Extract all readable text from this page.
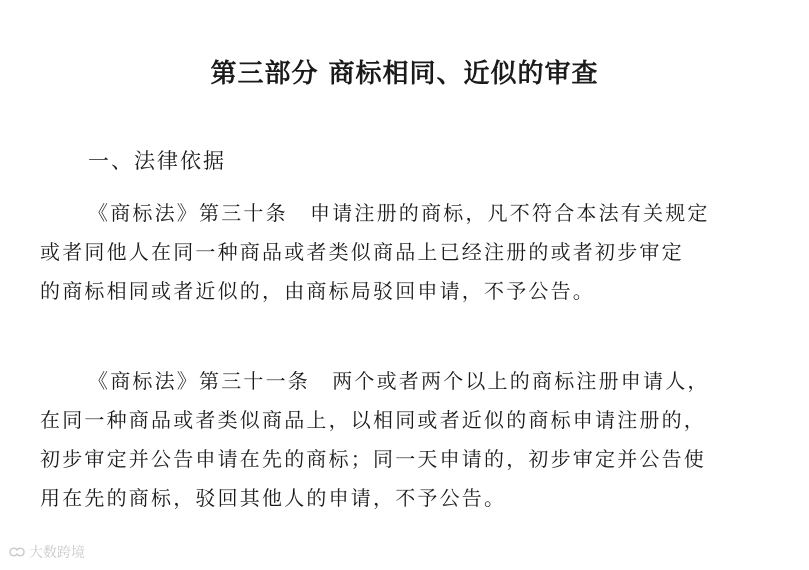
第三部分 商标相同、近似的审查
一、法律依据
《商标法》第三十条　申请注册的商标，凡不符合本法有关规定
或者同他人在同一种商品或者类似商品上已经注册的或者初步审定
的商标相同或者近似的，由商标局驳回申请，不予公告。
《商标法》第三十一条　两个或者两个以上的商标注册申请人，
在同一种商品或者类似商品上，以相同或者近似的商标申请注册的，
初步审定并公告申请在先的商标；同一天申请的，初步审定并公告使
用在先的商标，驳回其他人的申请，不予公告。
大数跨境
